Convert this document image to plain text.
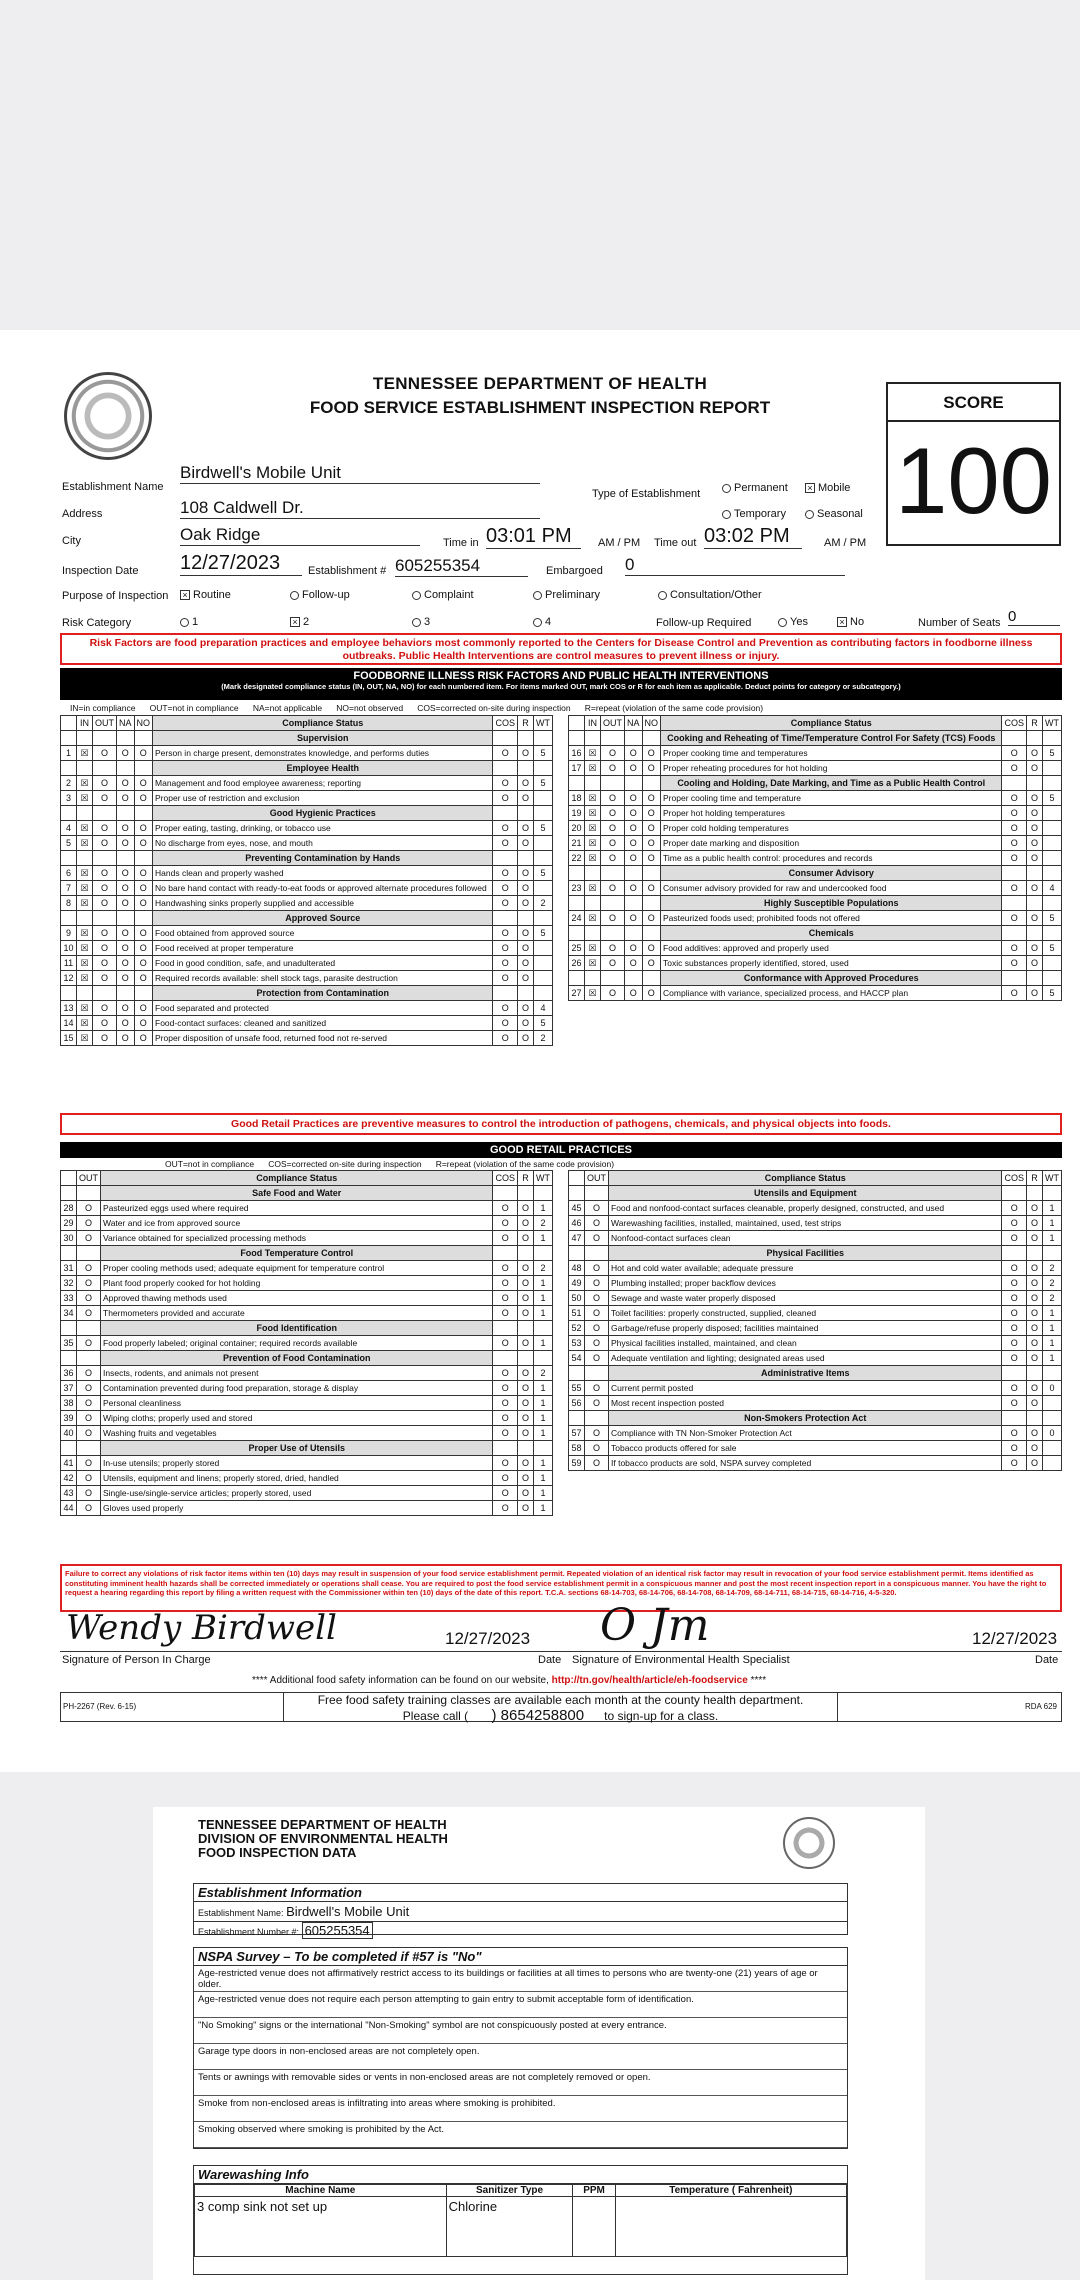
TENNESSEE DEPARTMENT OF HEALTH
FOOD SERVICE ESTABLISHMENT INSPECTION REPORT	SCORE
100
Establishment Name
Birdwell's Mobile Unit
Address	108 Caldwell Dr.
City	Oak Ridge
Inspection Date 12/27/2023
Type of Establishment	Permanent × Mobile
Temporary	Seasonal
Time in 03:01 PM	AM / PM Time out 03:02 PM	AM / PM
Establishment # 605255354	Embargoed 0
Purpose of Inspection × Routine	Follow-up	Complaint	Preliminary	Consultation/Other
Risk Category	1	× 2	3	4	Follow-up Required	Yes	× No	Number of Seats 0
Risk Factors are food preparation practices and employee behaviors most commonly reported to the Centers for Disease Control and Prevention as contributing factors in foodborne illness outbreaks. Public Health Interventions are control measures to prevent illness or injury.
FOODBORNE ILLNESS RISK FACTORS AND PUBLIC HEALTH INTERVENTIONS
(Mark designated compliance status (IN, OUT, NA, NO) for each numbered item. For items marked OUT, mark COS or R for each item as applicable. Deduct points for category or subcategory.)
IN=in compliance      OUT=not in compliance      NA=not applicable      NO=not observed      COS=corrected on-site during inspection      R=repeat (violation of the same code provision)
	IN	OUT	NA	NO	Compliance Status	COS	R	WT
					Supervision			
1	☒	O	O	O	Person in charge present, demonstrates knowledge, and performs duties	O	O	5
					Employee Health			
2	☒	O	O	O	Management and food employee awareness; reporting	O	O	5
3	☒	O	O	O	Proper use of restriction and exclusion	O	O	
					Good Hygienic Practices			
4	☒	O	O	O	Proper eating, tasting, drinking, or tobacco use	O	O	5
5	☒	O	O	O	No discharge from eyes, nose, and mouth	O	O	
					Preventing Contamination by Hands			
6	☒	O	O	O	Hands clean and properly washed	O	O	5
7	☒	O	O	O	No bare hand contact with ready-to-eat foods or approved alternate procedures followed	O	O	
8	☒	O	O	O	Handwashing sinks properly supplied and accessible	O	O	2
					Approved Source			
9	☒	O	O	O	Food obtained from approved source	O	O	5
10	☒	O	O	O	Food received at proper temperature	O	O	
11	☒	O	O	O	Food in good condition, safe, and unadulterated	O	O	
12	☒	O	O	O	Required records available: shell stock tags, parasite destruction	O	O	
					Protection from Contamination			
13	☒	O	O	O	Food separated and protected	O	O	4
14	☒	O	O	O	Food-contact surfaces: cleaned and sanitized	O	O	5
15	☒	O	O	O	Proper disposition of unsafe food, returned food not re-served	O	O	2
	IN	OUT	NA	NO	Compliance Status	COS	R	WT
					Cooking and Reheating of Time/Temperature Control For Safety (TCS) Foods			
16	☒	O	O	O	Proper cooking time and temperatures	O	O	5
17	☒	O	O	O	Proper reheating procedures for hot holding	O	O	
					Cooling and Holding, Date Marking, and Time as a Public Health Control			
18	☒	O	O	O	Proper cooling time and temperature	O	O	5
19	☒	O	O	O	Proper hot holding temperatures	O	O	
20	☒	O	O	O	Proper cold holding temperatures	O	O	
21	☒	O	O	O	Proper date marking and disposition	O	O	
22	☒	O	O	O	Time as a public health control: procedures and records	O	O	
					Consumer Advisory			
23	☒	O	O	O	Consumer advisory provided for raw and undercooked food	O	O	4
					Highly Susceptible Populations			
24	☒	O	O	O	Pasteurized foods used; prohibited foods not offered	O	O	5
					Chemicals			
25	☒	O	O	O	Food additives: approved and properly used	O	O	5
26	☒	O	O	O	Toxic substances properly identified, stored, used	O	O	
					Conformance with Approved Procedures			
27	☒	O	O	O	Compliance with variance, specialized process, and HACCP plan	O	O	5
Good Retail Practices are preventive measures to control the introduction of pathogens, chemicals, and physical objects into foods.
GOOD RETAIL PRACTICES
OUT=not in compliance      COS=corrected on-site during inspection      R=repeat (violation of the same code provision)
	OUT	Compliance Status	COS	R	WT
		Safe Food and Water			
28	O	Pasteurized eggs used where required	O	O	1
29	O	Water and ice from approved source	O	O	2
30	O	Variance obtained for specialized processing methods	O	O	1
		Food Temperature Control			
31	O	Proper cooling methods used; adequate equipment for temperature control	O	O	2
32	O	Plant food properly cooked for hot holding	O	O	1
33	O	Approved thawing methods used	O	O	1
34	O	Thermometers provided and accurate	O	O	1
		Food Identification			
35	O	Food properly labeled; original container; required records available	O	O	1
		Prevention of Food Contamination			
36	O	Insects, rodents, and animals not present	O	O	2
37	O	Contamination prevented during food preparation, storage & display	O	O	1
38	O	Personal cleanliness	O	O	1
39	O	Wiping cloths; properly used and stored	O	O	1
40	O	Washing fruits and vegetables	O	O	1
		Proper Use of Utensils			
41	O	In-use utensils; properly stored	O	O	1
42	O	Utensils, equipment and linens; properly stored, dried, handled	O	O	1
43	O	Single-use/single-service articles; properly stored, used	O	O	1
44	O	Gloves used properly	O	O	1
	OUT	Compliance Status	COS	R	WT
		Utensils and Equipment			
45	O	Food and nonfood-contact surfaces cleanable, properly designed, constructed, and used	O	O	1
46	O	Warewashing facilities, installed, maintained, used, test strips	O	O	1
47	O	Nonfood-contact surfaces clean	O	O	1
		Physical Facilities			
48	O	Hot and cold water available; adequate pressure	O	O	2
49	O	Plumbing installed; proper backflow devices	O	O	2
50	O	Sewage and waste water properly disposed	O	O	2
51	O	Toilet facilities: properly constructed, supplied, cleaned	O	O	1
52	O	Garbage/refuse properly disposed; facilities maintained	O	O	1
53	O	Physical facilities installed, maintained, and clean	O	O	1
54	O	Adequate ventilation and lighting; designated areas used	O	O	1
		Administrative Items			
55	O	Current permit posted	O	O	0
56	O	Most recent inspection posted	O	O	
		Non-Smokers Protection Act			
57	O	Compliance with TN Non-Smoker Protection Act	O	O	0
58	O	Tobacco products offered for sale	O	O	
59	O	If tobacco products are sold, NSPA survey completed	O	O	
Failure to correct any violations of risk factor items within ten (10) days may result in suspension of your food service establishment permit. Repeated violation of an identical risk factor may result in revocation of your food service establishment permit. Items identified as constituting imminent health hazards shall be corrected immediately or operations shall cease. You are required to post the food service establishment permit in a conspicuous manner and post the most recent inspection report in a conspicuous manner. You have the right to request a hearing regarding this report by filing a written request with the Commissioner within ten (10) days of the date of this report. T.C.A. sections 68-14-703, 68-14-706, 68-14-708, 68-14-709, 68-14-711, 68-14-715, 68-14-716, 4-5-320.
Wendy Birdwell
Signature of Person In Charge
12/27/2023
Date
O Jm
Signature of Environmental Health Specialist
12/27/2023
Date
**** Additional food safety information can be found on our website, http://tn.gov/health/article/eh-foodservice ****
PH-2267 (Rev. 6-15)	Free food safety training classes are available each month at the county health department.
Please call ( ) 8654258800 to sign-up for a class.
RDA 629
TENNESSEE DEPARTMENT OF HEALTH
DIVISION OF ENVIRONMENTAL HEALTH
FOOD INSPECTION DATA
Establishment Information
Establishment Name: Birdwell's Mobile Unit
Establishment Number #: 605255354
NSPA Survey – To be completed if #57 is "No"
Age-restricted venue does not affirmatively restrict access to its buildings or facilities at all times to persons who are twenty-one (21) years of age or older.
Age-restricted venue does not require each person attempting to gain entry to submit acceptable form of identification.
"No Smoking" signs or the international "Non-Smoking" symbol are not conspicuously posted at every entrance.
Garage type doors in non-enclosed areas are not completely open.
Tents or awnings with removable sides or vents in non-enclosed areas are not completely removed or open.
Smoke from non-enclosed areas is infiltrating into areas where smoking is prohibited.
Smoking observed where smoking is prohibited by the Act.
Warewashing Info
Machine Name	Sanitizer Type	PPM	Temperature ( Fahrenheit)
3 comp sink not set up	Chlorine		
